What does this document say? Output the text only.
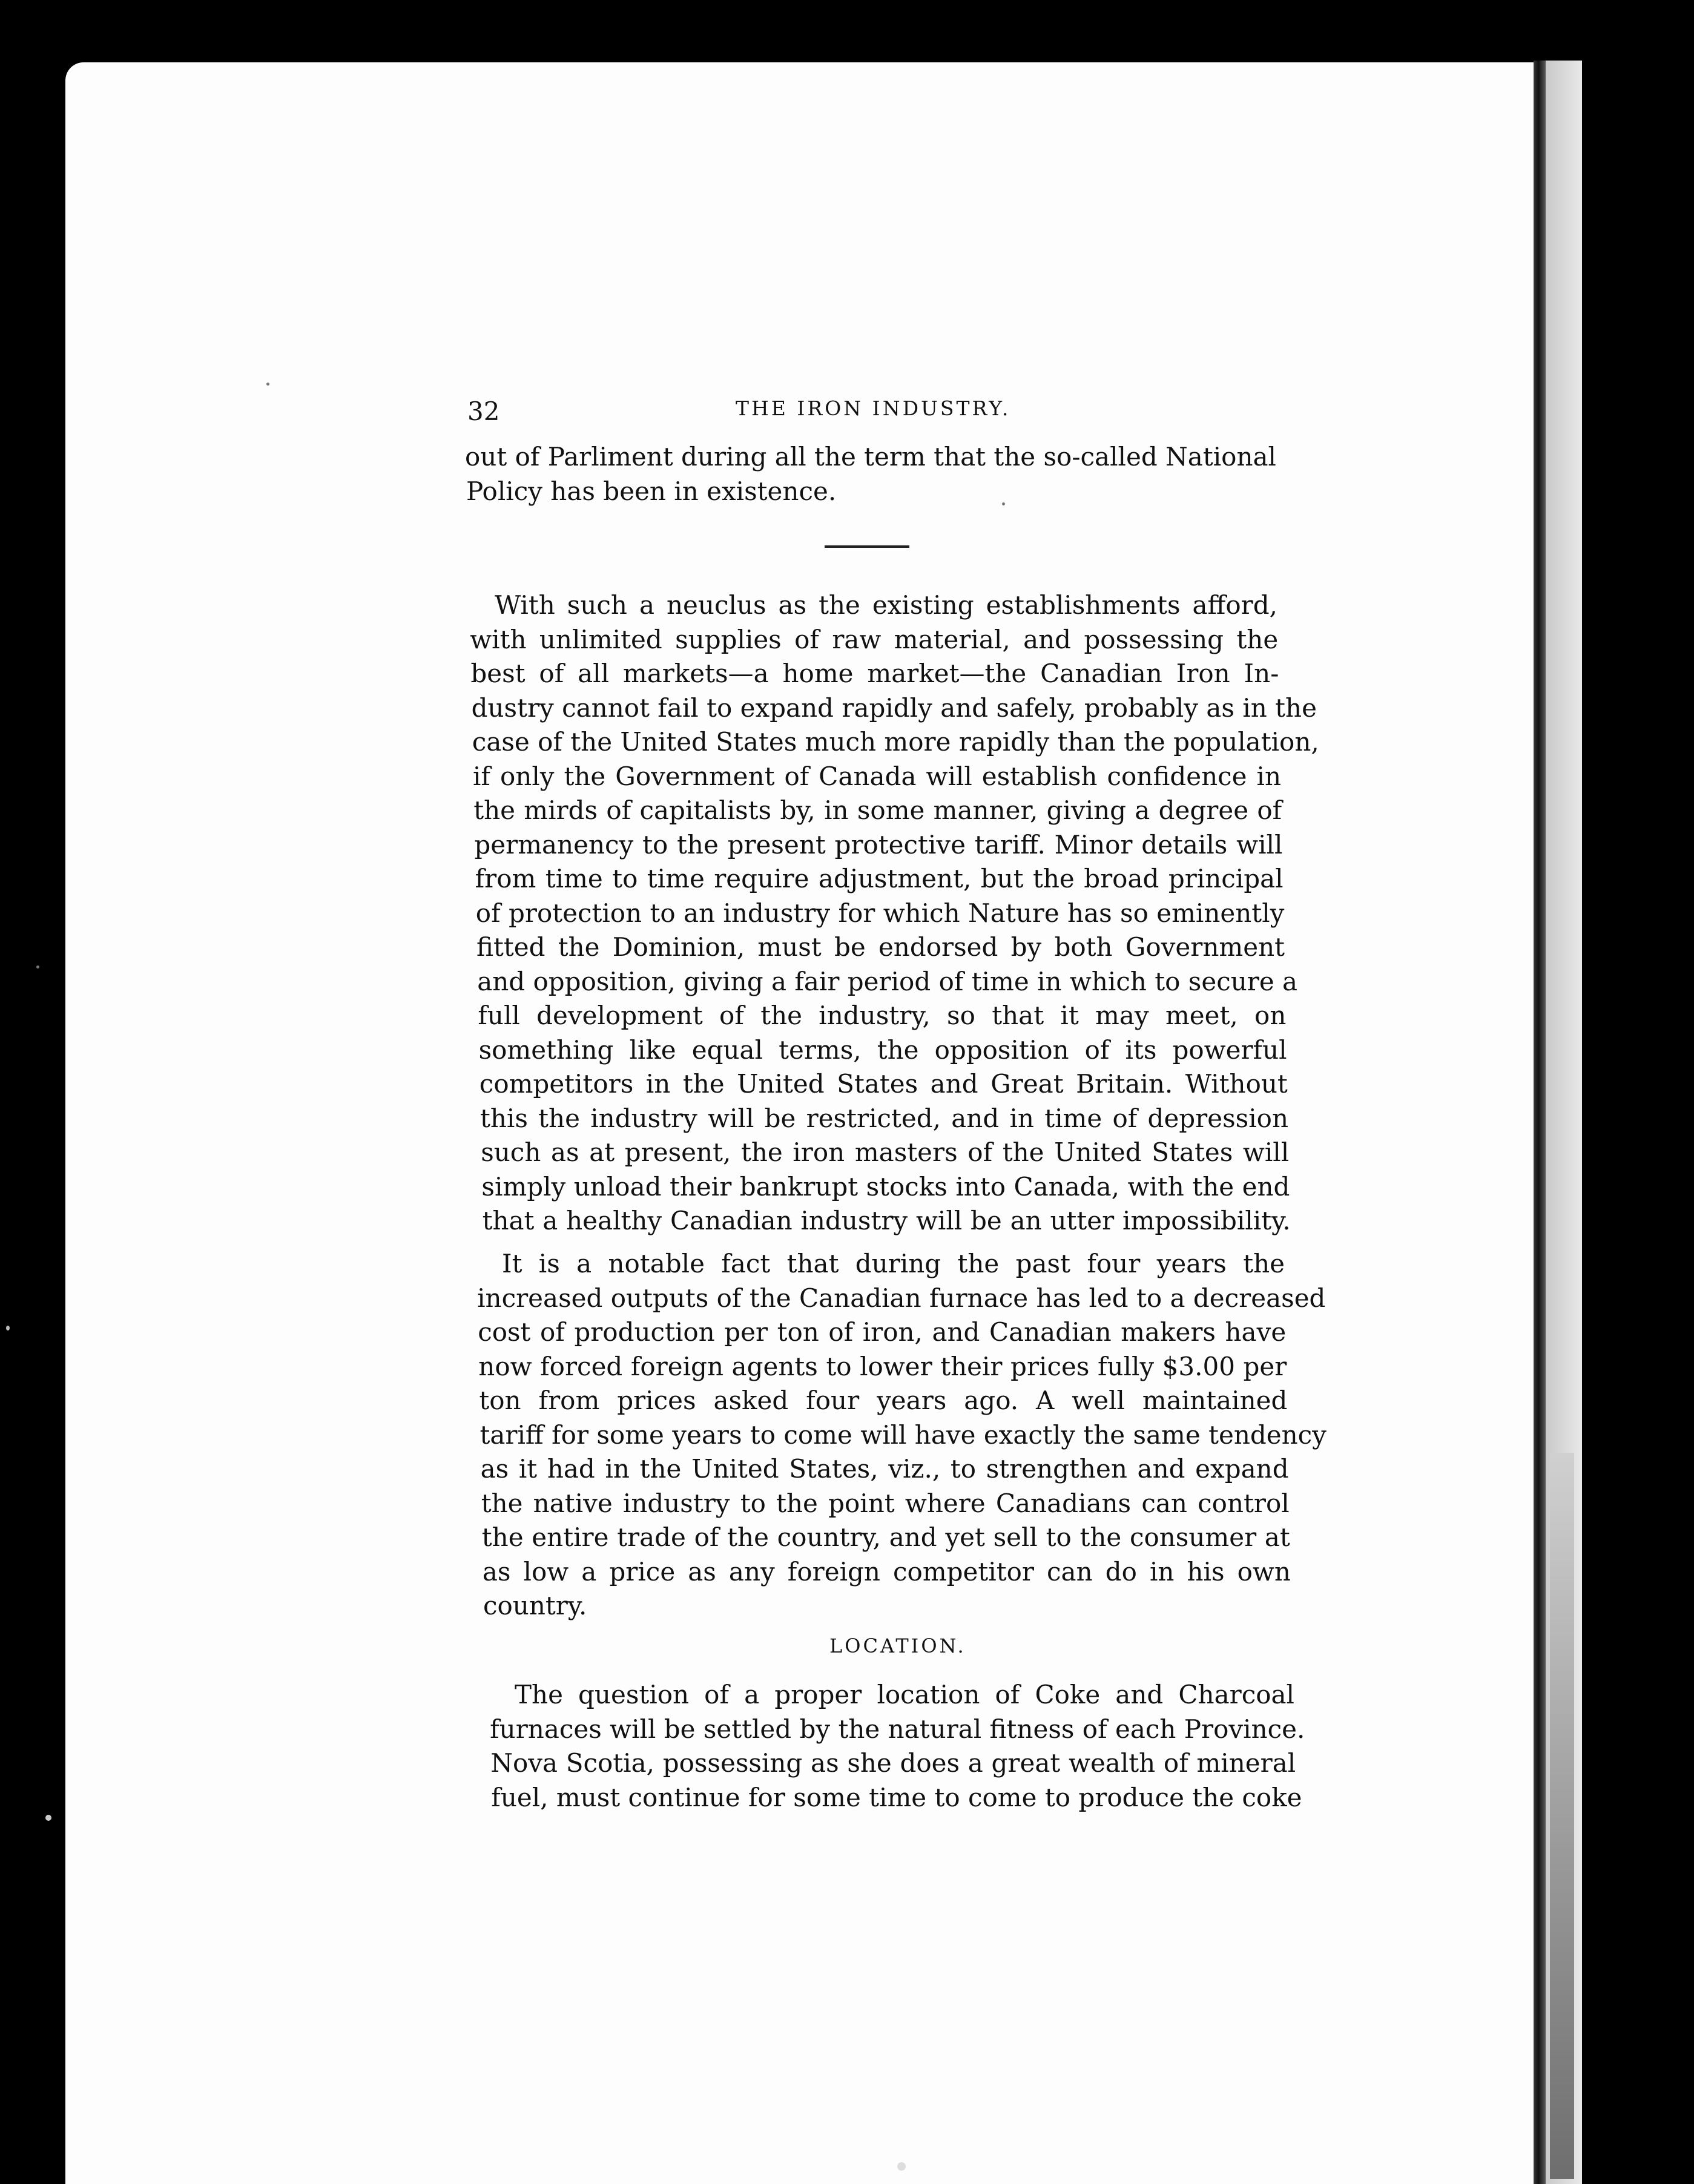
32	THE IRON INDUSTRY.
out of Parliment during all the term that the so-called National
Policy has been in existence.
With such a neuclus as the existing establishments afford,
with unlimited supplies of raw material, and possessing the
best of all markets—a home market—the Canadian Iron In-
dustry cannot fail to expand rapidly and safely, probably as in the
case of the United States much more rapidly than the population,
if only the Government of Canada will establish confidence in
the mirds of capitalists by, in some manner, giving a degree of
permanency to the present protective tariff. Minor details will
from time to time require adjustment, but the broad principal
of protection to an industry for which Nature has so eminently
fitted the Dominion, must be endorsed by both Government
and opposition, giving a fair period of time in which to secure a
full development of the industry, so that it may meet, on
something like equal terms, the opposition of its powerful
competitors in the United States and Great Britain. Without
this the industry will be restricted, and in time of depression
such as at present, the iron masters of the United States will
simply unload their bankrupt stocks into Canada, with the end
that a healthy Canadian industry will be an utter impossibility.
It is a notable fact that during the past four years the
increased outputs of the Canadian furnace has led to a decreased
cost of production per ton of iron, and Canadian makers have
now forced foreign agents to lower their prices fully $3.00 per
ton from prices asked four years ago. A well maintained
tariff for some years to come will have exactly the same tendency
as it had in the United States, viz., to strengthen and expand
the native industry to the point where Canadians can control
the entire trade of the country, and yet sell to the consumer at
as low a price as any foreign competitor can do in his own
country.
LOCATION.
The question of a proper location of Coke and Charcoal
furnaces will be settled by the natural fitness of each Province.
Nova Scotia, possessing as she does a great wealth of mineral
fuel, must continue for some time to come to produce the coke
